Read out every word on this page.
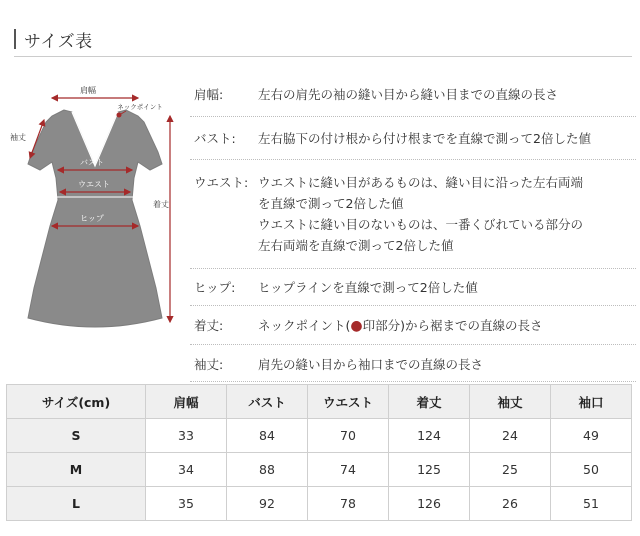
サイズ表
肩幅
ネックポイント
袖丈
バスト
ウエスト
ヒップ
着丈
肩幅:	左右の肩先の袖の縫い目から縫い目までの直線の長さ
バスト:	左右脇下の付け根から付け根までを直線で測って2倍した値
ウエスト: ウエストに縫い目があるものは、縫い目に沿った左右両端
を直線で測って2倍した値
ウエストに縫い目のないものは、一番くびれている部分の
左右両端を直線で測って2倍した値
ヒップ:	ヒップラインを直線で測って2倍した値
着丈:	ネックポイント(●印部分)から裾までの直線の長さ
袖丈:	肩先の縫い目から袖口までの直線の長さ
サイズ(cm)	肩幅	バスト	ウエスト	着丈	袖丈	袖口
S	33	84	70	124	24	49
M	34	88	74	125	25	50
L	35	92	78	126	26	51
